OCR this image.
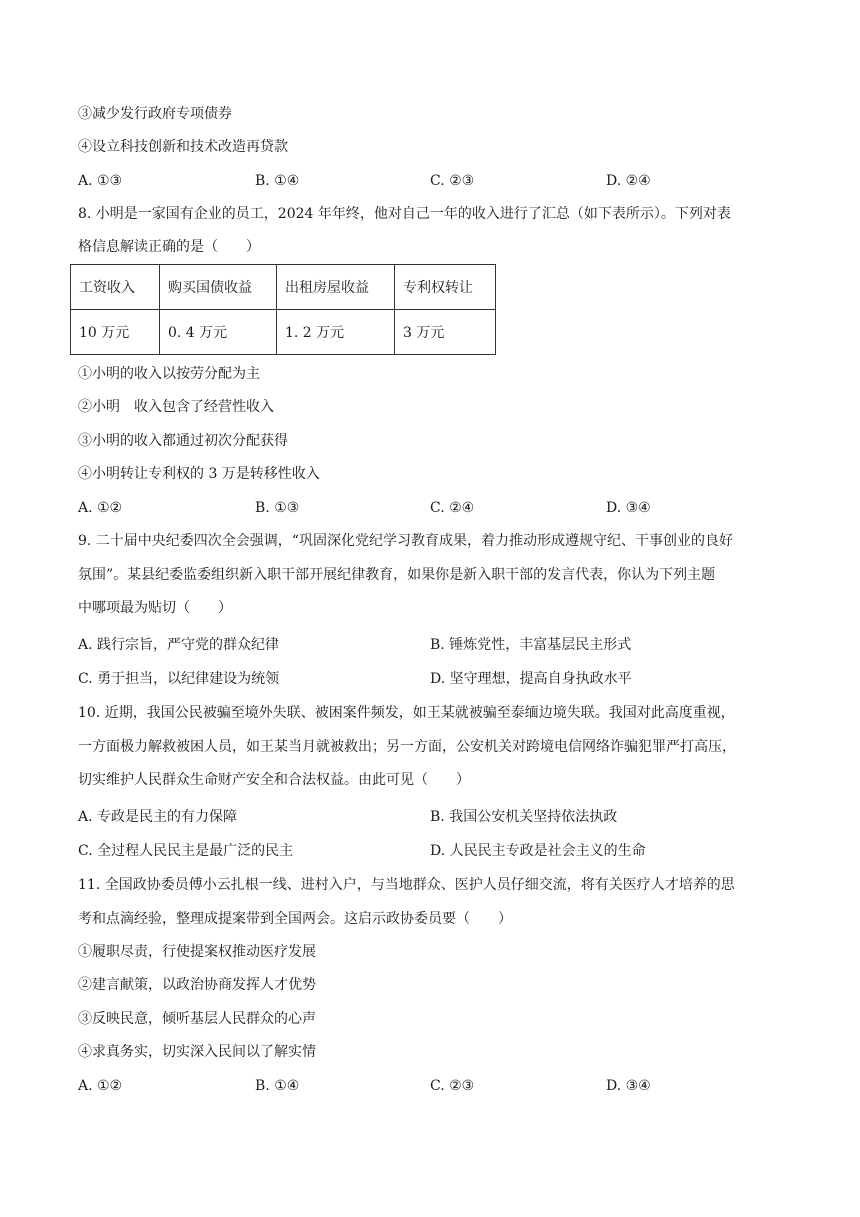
③减少发行政府专项债券
④设立科技创新和技术改造再贷款
A. ①③	B. ①④	C. ②③	D. ②④
8. 小明是一家国有企业的员工，2024 年年终，他对自己一年的收入进行了汇总（如下表所示）。下列对表
格信息解读正确的是（　　）
工资收入	购买国债收益	出租房屋收益	专利权转让
10 万元	0. 4 万元	1. 2 万元	3 万元
①小明的收入以按劳分配为主
②小明　收入包含了经营性收入
③小明的收入都通过初次分配获得
④小明转让专利权的 3 万是转移性收入
A. ①②	B. ①③	C. ②④	D. ③④
9. 二十届中央纪委四次全会强调，“巩固深化党纪学习教育成果，着力推动形成遵规守纪、干事创业的良好
氛围”。某县纪委监委组织新入职干部开展纪律教育，如果你是新入职干部的发言代表，你认为下列主题
中哪项最为贴切（　　）
A. 践行宗旨，严守党的群众纪律	B. 锤炼党性，丰富基层民主形式
C. 勇于担当，以纪律建设为统领	D. 坚守理想，提高自身执政水平
10. 近期，我国公民被骗至境外失联、被困案件频发，如王某就被骗至泰缅边境失联。我国对此高度重视，
一方面极力解救被困人员，如王某当月就被救出；另一方面，公安机关对跨境电信网络诈骗犯罪严打高压，
切实维护人民群众生命财产安全和合法权益。由此可见（　　）
A. 专政是民主的有力保障	B. 我国公安机关坚持依法执政
C. 全过程人民民主是最广泛的民主	D. 人民民主专政是社会主义的生命
11. 全国政协委员傅小云扎根一线、进村入户，与当地群众、医护人员仔细交流，将有关医疗人才培养的思
考和点滴经验，整理成提案带到全国两会。这启示政协委员要（　　）
①履职尽责，行使提案权推动医疗发展
②建言献策，以政治协商发挥人才优势
③反映民意，倾听基层人民群众的心声
④求真务实，切实深入民间以了解实情
A. ①②	B. ①④	C. ②③	D. ③④
